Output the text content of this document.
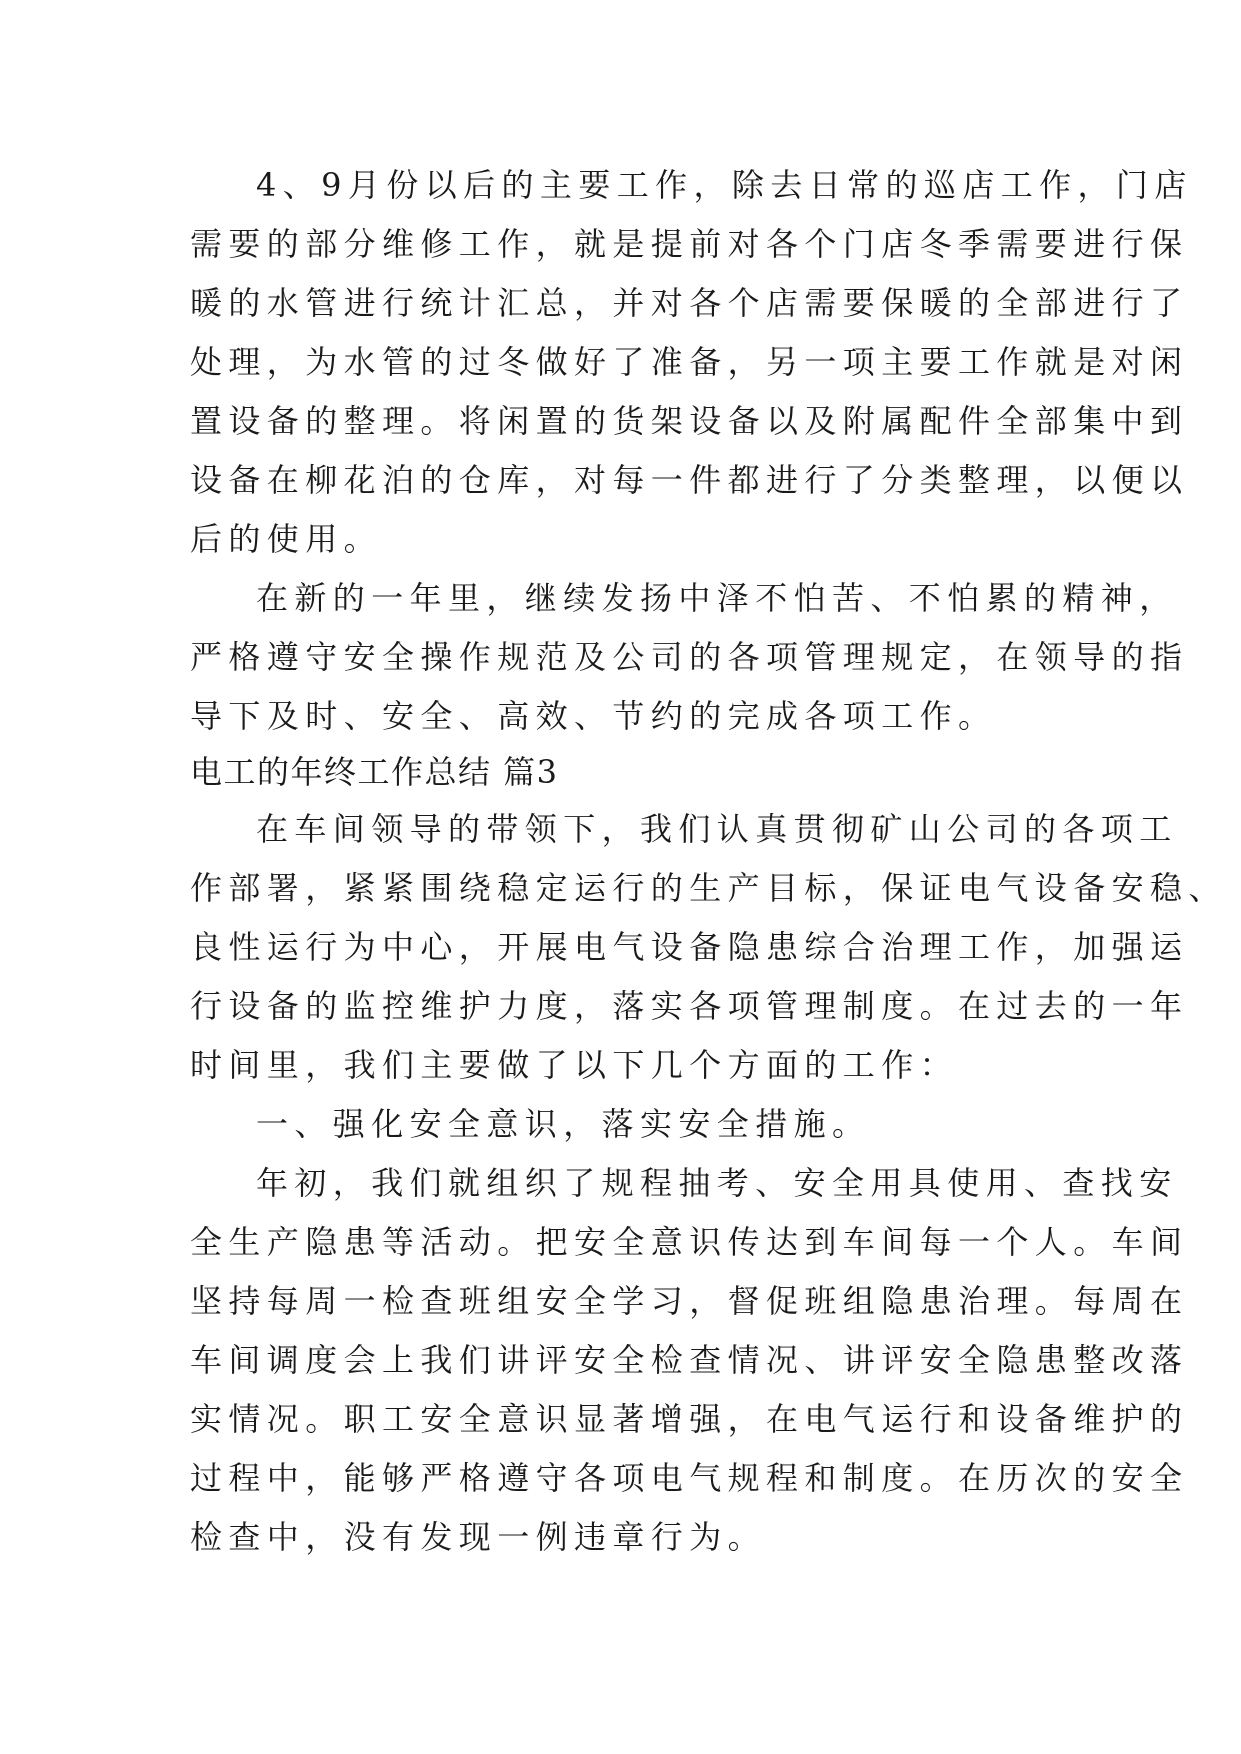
4、9月份以后的主要工作，除去日常的巡店工作，门店
需要的部分维修工作，就是提前对各个门店冬季需要进行保
暖的水管进行统计汇总，并对各个店需要保暖的全部进行了
处理，为水管的过冬做好了准备，另一项主要工作就是对闲
置设备的整理。将闲置的货架设备以及附属配件全部集中到
设备在柳花泊的仓库，对每一件都进行了分类整理，以便以
后的使用。
在新的一年里，继续发扬中泽不怕苦、不怕累的精神，
严格遵守安全操作规范及公司的各项管理规定，在领导的指
导下及时、安全、高效、节约的完成各项工作。
电工的年终工作总结 篇3
在车间领导的带领下，我们认真贯彻矿山公司的各项工
作部署，紧紧围绕稳定运行的生产目标，保证电气设备安稳、
良性运行为中心，开展电气设备隐患综合治理工作，加强运
行设备的监控维护力度，落实各项管理制度。在过去的一年
时间里，我们主要做了以下几个方面的工作：
一、强化安全意识，落实安全措施。
年初，我们就组织了规程抽考、安全用具使用、查找安
全生产隐患等活动。把安全意识传达到车间每一个人。车间
坚持每周一检查班组安全学习，督促班组隐患治理。每周在
车间调度会上我们讲评安全检查情况、讲评安全隐患整改落
实情况。职工安全意识显著增强，在电气运行和设备维护的
过程中，能够严格遵守各项电气规程和制度。在历次的安全
检查中，没有发现一例违章行为。
